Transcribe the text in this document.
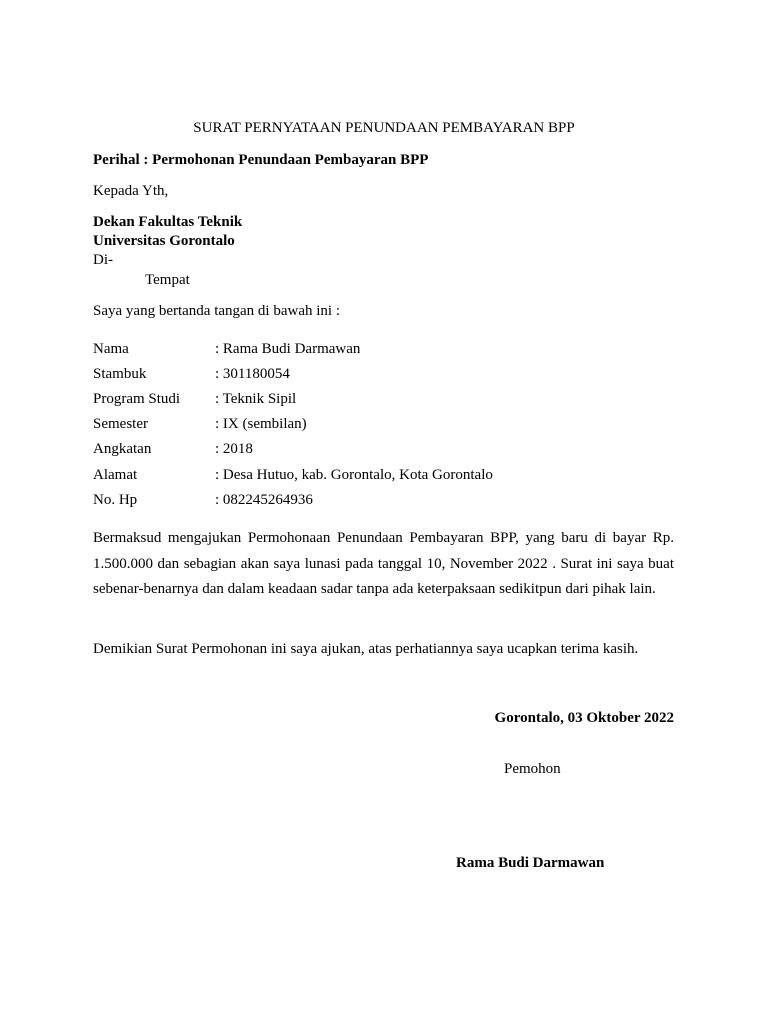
SURAT PERNYATAAN PENUNDAAN PEMBAYARAN BPP
Perihal : Permohonan Penundaan Pembayaran BPP
Kepada Yth,
Dekan Fakultas Teknik
Universitas Gorontalo
Di-
Tempat
Saya yang bertanda tangan di bawah ini :
Nama	: Rama Budi Darmawan
Stambuk	: 301180054
Program Studi : Teknik Sipil
Semester	: IX (sembilan)
Angkatan	: 2018
Alamat	: Desa Hutuo, kab. Gorontalo, Kota Gorontalo
No. Hp	: 082245264936
Bermaksud mengajukan Permohonaan Penundaan Pembayaran BPP, yang baru di bayar Rp. 1.500.000 dan sebagian akan saya lunasi pada tanggal 10, November 2022 . Surat ini saya buat sebenar-benarnya dan dalam keadaan sadar tanpa ada keterpaksaan sedikitpun dari pihak lain.
Demikian Surat Permohonan ini saya ajukan, atas perhatiannya saya ucapkan terima kasih.
Gorontalo, 03 Oktober 2022
Pemohon
Rama Budi Darmawan
